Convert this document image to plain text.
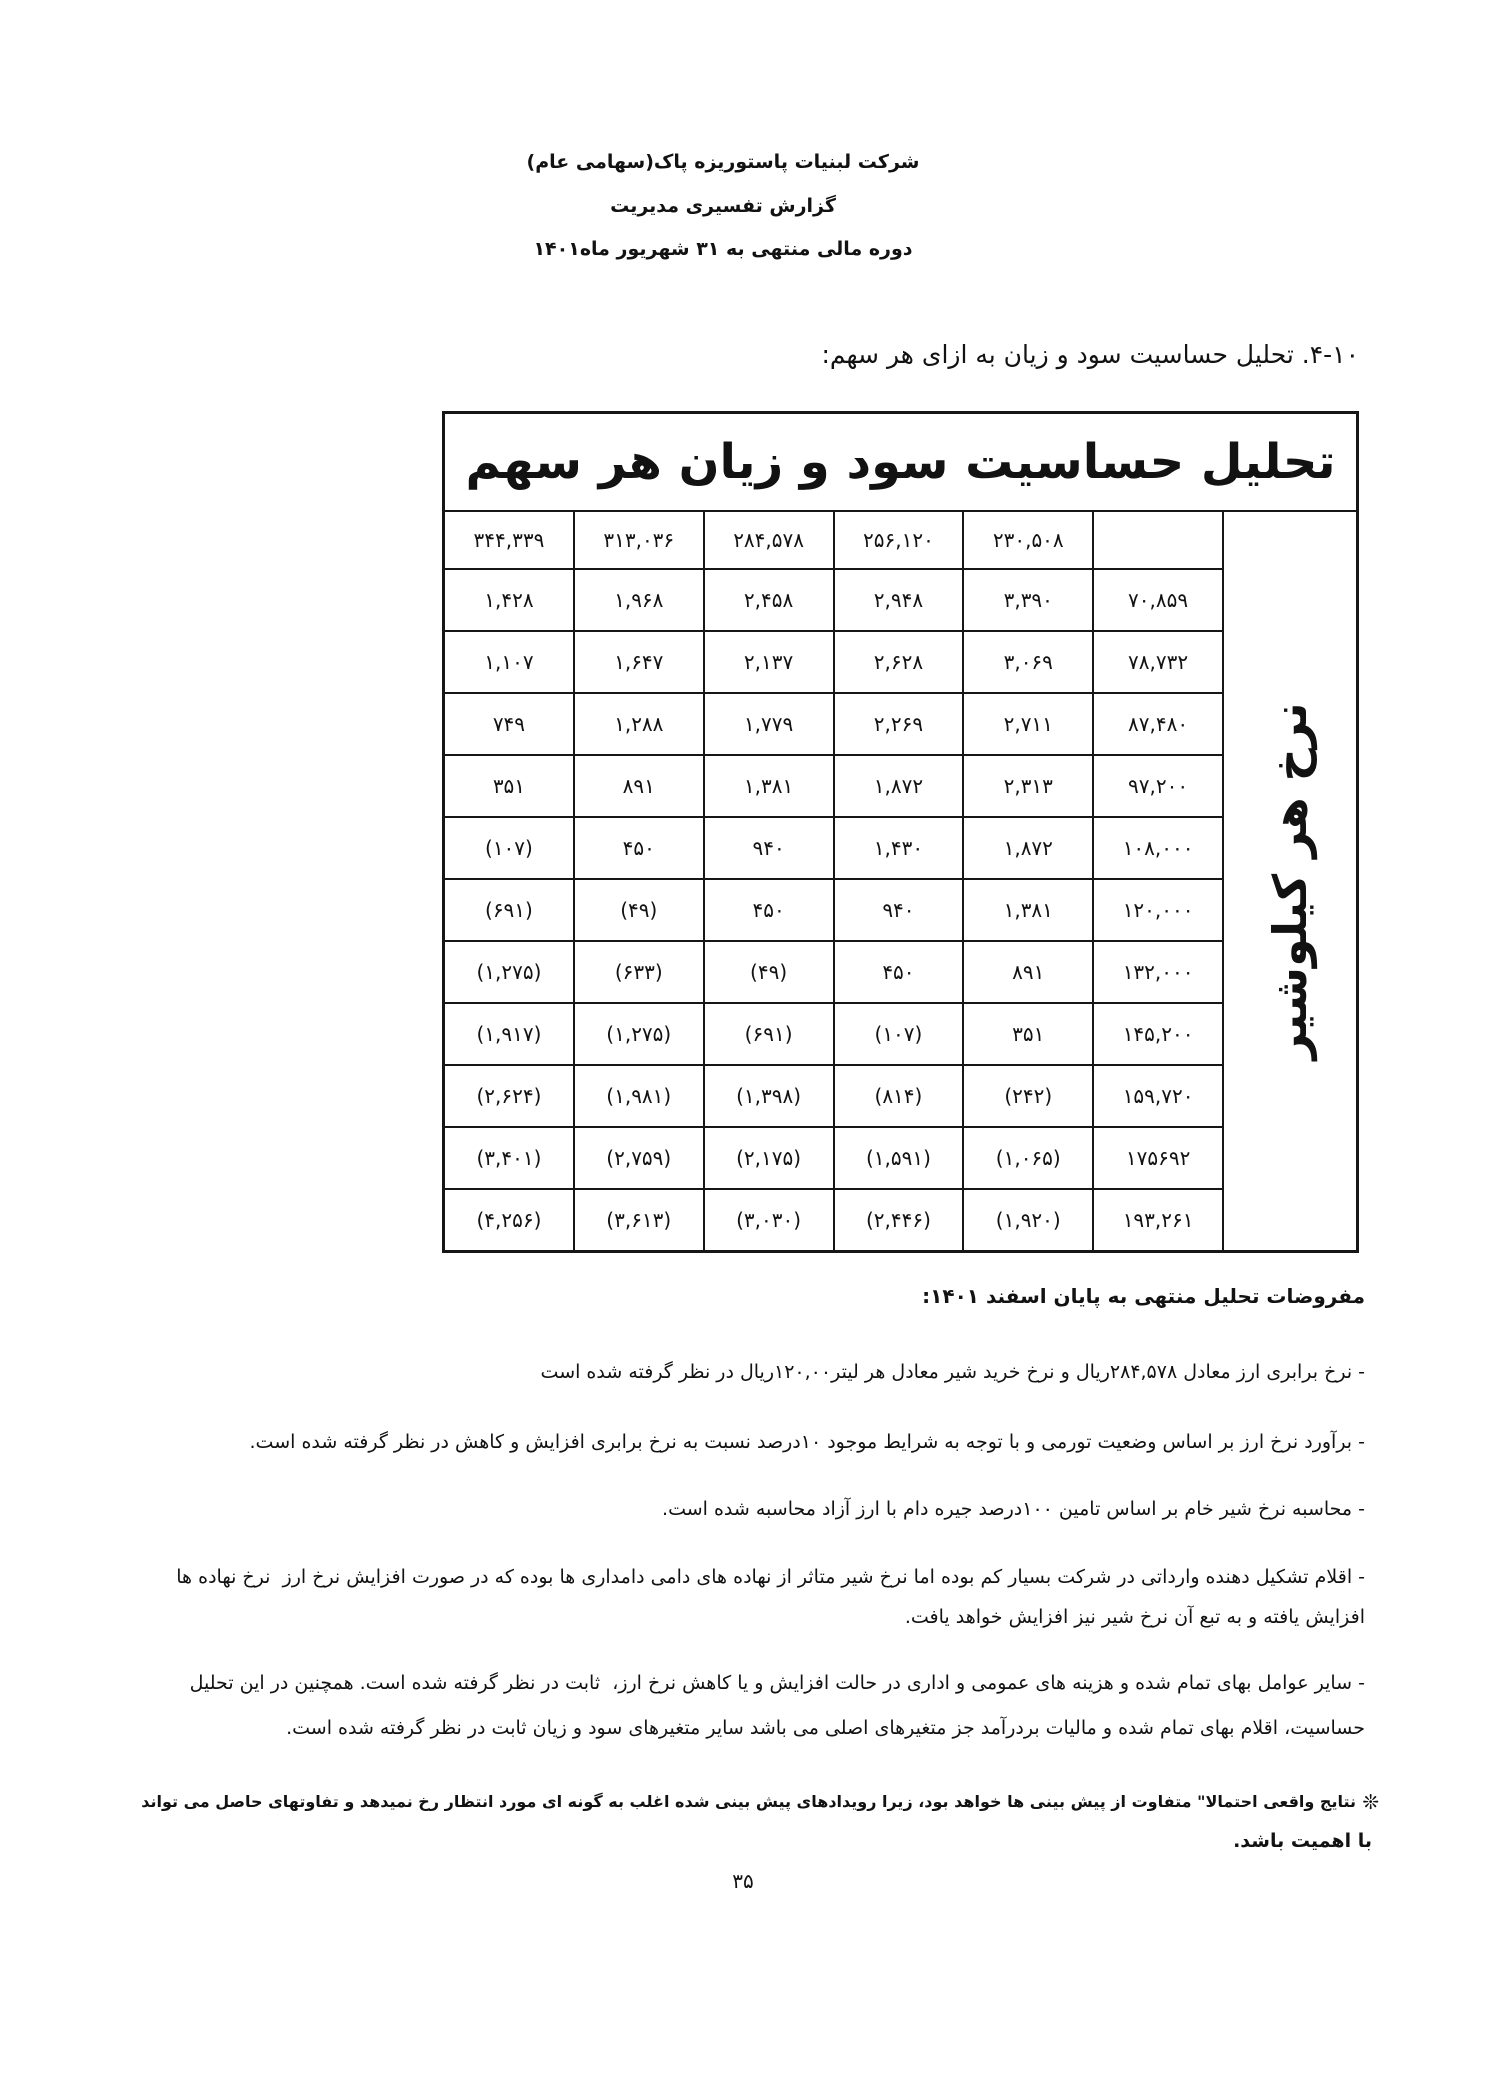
شرکت لبنیات پاستوریزه پاک(سهامی عام)
گزارش تفسیری مدیریت
دوره مالی منتهی به ۳۱ شهریور ماه۱۴۰۱
۴-۱۰. تحلیل حساسیت سود و زیان به ازای هر سهم:
تحلیل حساسیت سود و زیان هر سهم
نرخ هر کیلوشیر
۲۳۰,۵۰۸
۲۵۶,۱۲۰
۲۸۴,۵۷۸
۳۱۳,۰۳۶
۳۴۴,۳۳۹
۷۰,۸۵۹
۳,۳۹۰
۲,۹۴۸
۲,۴۵۸
۱,۹۶۸
۱,۴۲۸
۷۸,۷۳۲
۳,۰۶۹
۲,۶۲۸
۲,۱۳۷
۱,۶۴۷
۱,۱۰۷
۸۷,۴۸۰
۲,۷۱۱
۲,۲۶۹
۱,۷۷۹
۱,۲۸۸
۷۴۹
۹۷,۲۰۰
۲,۳۱۳
۱,۸۷۲
۱,۳۸۱
۸۹۱
۳۵۱
۱۰۸,۰۰۰
۱,۸۷۲
۱,۴۳۰
۹۴۰
۴۵۰
(۱۰۷)
۱۲۰,۰۰۰
۱,۳۸۱
۹۴۰
۴۵۰
(۴۹)
(۶۹۱)
۱۳۲,۰۰۰
۸۹۱
۴۵۰
(۴۹)
(۶۳۳)
(۱,۲۷۵)
۱۴۵,۲۰۰
۳۵۱
(۱۰۷)
(۶۹۱)
(۱,۲۷۵)
(۱,۹۱۷)
۱۵۹,۷۲۰
(۲۴۲)
(۸۱۴)
(۱,۳۹۸)
(۱,۹۸۱)
(۲,۶۲۴)
۱۷۵۶۹۲
(۱,۰۶۵)
(۱,۵۹۱)
(۲,۱۷۵)
(۲,۷۵۹)
(۳,۴۰۱)
۱۹۳,۲۶۱
(۱,۹۲۰)
(۲,۴۴۶)
(۳,۰۳۰)
(۳,۶۱۳)
(۴,۲۵۶)
مفروضات تحلیل منتهی به پایان اسفند ۱۴۰۱:
- نرخ برابری ارز معادل ۲۸۴,۵۷۸ریال و نرخ خرید شیر معادل هر لیتر۱۲۰,۰۰ریال در نظر گرفته شده است
- برآورد نرخ ارز بر اساس وضعیت تورمی و با توجه به شرایط موجود ۱۰درصد نسبت به نرخ برابری افزایش و کاهش در نظر گرفته شده است.
- محاسبه نرخ شیر خام بر اساس تامین ۱۰۰درصد جیره دام با ارز آزاد محاسبه شده است.
- اقلام تشکیل دهنده وارداتی در شرکت بسیار کم بوده اما نرخ شیر متاثر از نهاده های دامی دامداری ها بوده که در صورت افزایش نرخ ارز  نرخ نهاده ها
افزایش یافته و به تبع آن نرخ شیر نیز افزایش خواهد یافت.
- سایر عوامل بهای تمام شده و هزینه های عمومی و اداری در حالت افزایش و یا کاهش نرخ ارز،  ثابت در نظر گرفته شده است. همچنین در این تحلیل
حساسیت، اقلام بهای تمام شده و مالیات بردرآمد جز متغیرهای اصلی می باشد سایر متغیرهای سود و زیان ثابت در نظر گرفته شده است.
❊
نتایج واقعی احتمالا" متفاوت از پیش بینی ها خواهد بود، زیرا رویدادهای پیش بینی شده اغلب به گونه ای مورد انتظار رخ نمیدهد و تفاوتهای حاصل می تواند
با اهمیت باشد.
۳۵
